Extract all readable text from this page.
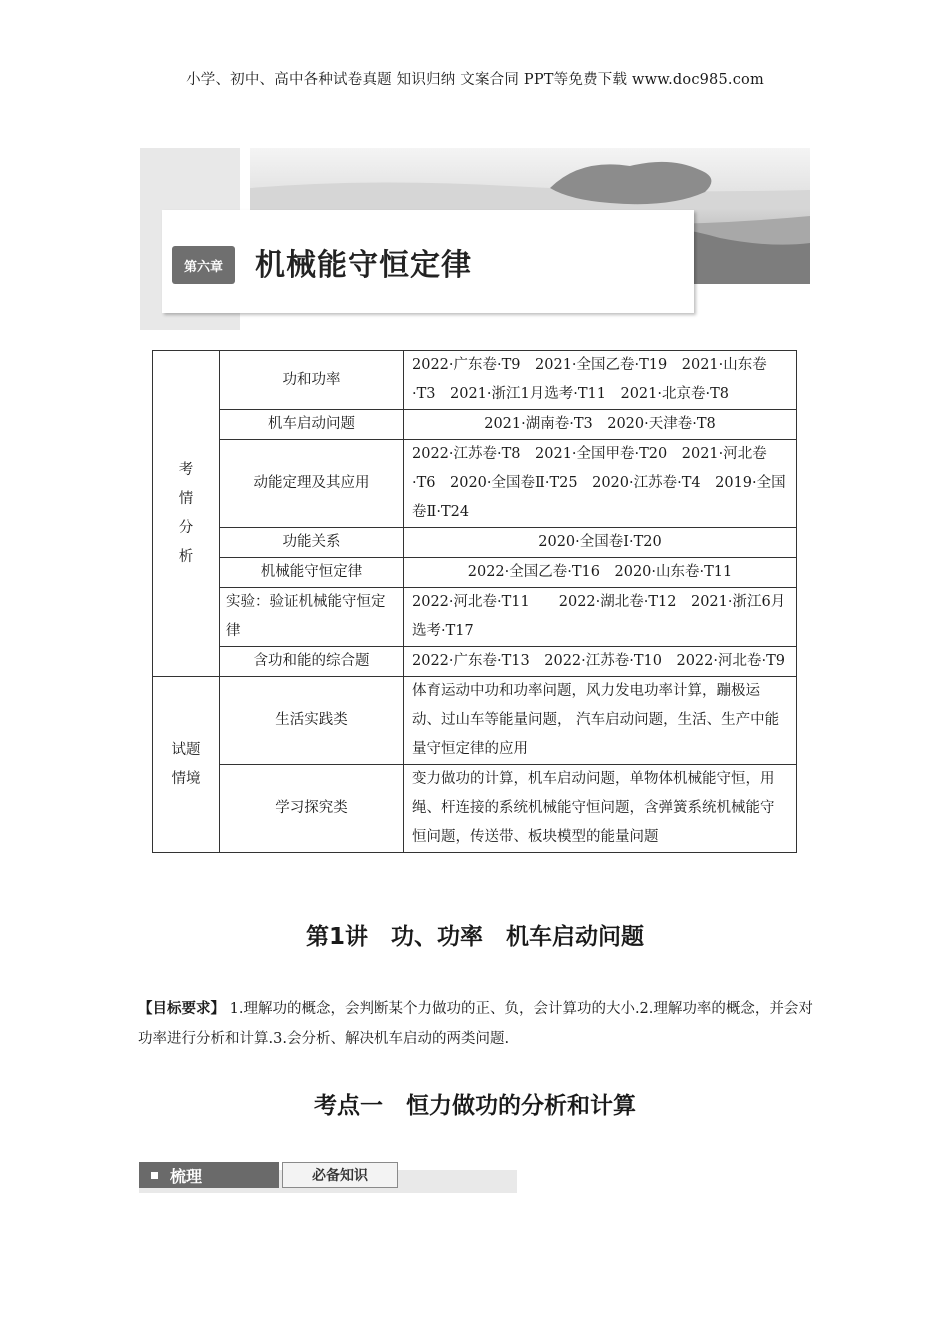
小学、初中、高中各种试卷真题 知识归纳 文案合同 PPT等免费下载 www.doc985.com
第六章	机械能守恒定律
考
情
分
析	功和功率	2022·广东卷·T9　2021·全国乙卷·T19　2021·山东卷·T3　2021·浙江1月选考·T11　2021·北京卷·T8
	机车启动问题	2021·湖南卷·T3　2020·天津卷·T8
	动能定理及其应用	2022·江苏卷·T8　2021·全国甲卷·T20　2021·河北卷·T6　2020·全国卷Ⅱ·T25　2020·江苏卷·T4　2019·全国卷Ⅱ·T24
	功能关系	2020·全国卷Ⅰ·T20
	机械能守恒定律	2022·全国乙卷·T16　2020·山东卷·T11
	实验：验证机械能守恒定律	2022·河北卷·T11　　2022·湖北卷·T12　2021·浙江6月选考·T17
	含功和能的综合题	2022·广东卷·T13　2022·江苏卷·T10　2022·河北卷·T9

试题
情境	生活实践类	体育运动中功和功率问题，风力发电功率计算，蹦极运动、过山车等能量问题， 汽车启动问题，生活、生产中能量守恒定律的应用
	学习探究类	变力做功的计算，机车启动问题，单物体机械能守恒，用绳、杆连接的系统机械能守恒问题，含弹簧系统机械能守恒问题，传送带、板块模型的能量问题
第1讲　功、功率　机车启动问题
【目标要求】 1.理解功的概念，会判断某个力做功的正、负，会计算功的大小.2.理解功率的概念，并会对功率进行分析和计算.3.会分析、解决机车启动的两类问题.
考点一　恒力做功的分析和计算
梳理	必备知识
